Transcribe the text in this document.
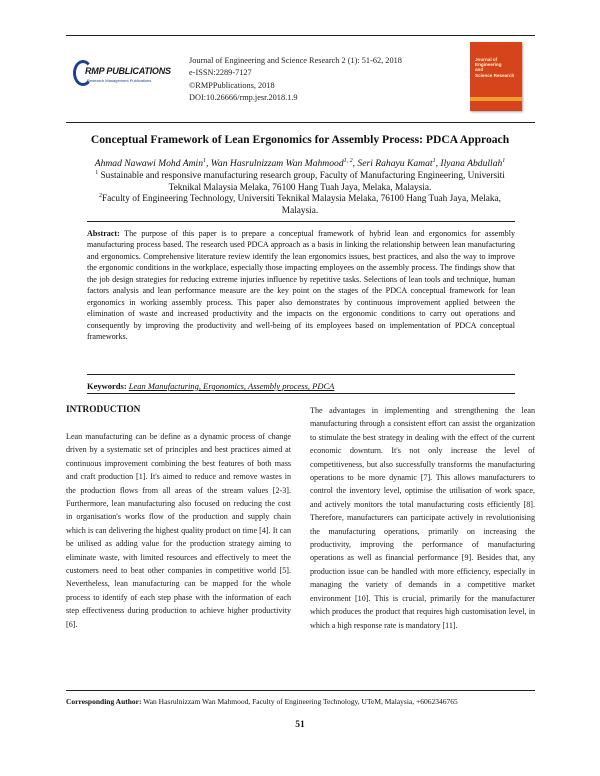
RMP PUBLICATIONS
Research Management Publications
Journal of Engineering and Science Research 2 (1): 51-62, 2018
e-ISSN:2289-7127
©RMPPublications, 2018
DOI:10.26666/rmp.jesr.2018.1.9
Journal of
Engineering
and
Science Research
Conceptual Framework of Lean Ergonomics for Assembly Process: PDCA Approach
Ahmad Nawawi Mohd Amin$^1$, Wan Hasrulnizzam Wan Mahmood$^{1, 2}$, Seri Rahayu Kamat$^1$, Ilyana Abdullah$^1$
$^1$ Sustainable and responsive manufacturing research group, Faculty of Manufacturing Engineering, Universiti Teknikal Malaysia Melaka, 76100 Hang Tuah Jaya, Melaka, Malaysia.
$^2$Faculty of Engineering Technology, Universiti Teknikal Malaysia Melaka, 76100 Hang Tuah Jaya, Melaka, Malaysia.
Abstract: The purpose of this paper is to prepare a conceptual framework of hybrid lean and ergonomics for assembly manufacturing process based. The research used PDCA approach as a basis in linking the relationship between lean manufacturing and ergonomics. Comprehensive literature review identify the lean ergonomics issues, best practices, and also the way to improve the ergonomic conditions in the workplace, especially those impacting employees on the assembly process. The findings show that the job design strategies for reducing extreme injuries influence by repetitive tasks. Selections of lean tools and technique, human factors analysis and lean performance measure are the key point on the stages of the PDCA conceptual framework for lean ergonomics in working assembly process. This paper also demonstrates by continuous improvement applied between the elimination of waste and increased productivity and the impacts on the ergonomic conditions to carry out operations and consequently by improving the productivity and well-being of its employees based on implementation of PDCA conceptual frameworks.
Keywords: Lean Manufacturing, Ergonomics, Assembly process, PDCA
INTRODUCTION
Lean manufacturing can be define as a dynamic process of change driven by a systematic set of principles and best practices aimed at continuous improvement combining the best features of both mass and craft production [1]. It's aimed to reduce and remove wastes in the production flows from all areas of the stream values [2-3]. Furthermore, lean manufacturing also focused on reducing the cost in organisation's works flow of the production and supply chain which is can delivering the highest quality product on time [4]. It can be utilised as adding value for the production strategy aiming to eliminate waste, with limited resources and effectively to meet the customers need to beat other companies in competitive world [5]. Nevertheless, lean manufacturing can be mapped for the whole process to identify of each step phase with the information of each step effectiveness during production to achieve higher productivity [6].
The advantages in implementing and strengthening the lean manufacturing through a consistent effort can assist the organization to stimulate the best strategy in dealing with the effect of the current economic downturn. It's not only increase the level of competitiveness, but also successfully transforms the manufacturing operations to be more dynamic [7]. This allows manufacturers to control the inventory level, optimise the utilisation of work space, and actively monitors the total manufacturing costs efficiently [8]. Therefore, manufacturers can participate actively in revolutionising the manufacturing operations, primarily on increasing the productivity, improving the performance of manufacturing operations as well as financial performance [9]. Besides that, any production issue can be handled with more efficiency, especially in managing the variety of demands in a competitive market environment [10]. This is crucial, primarily for the manufacturer which produces the product that requires high customisation level, in which a high response rate is mandatory [11].
Corresponding Author: Wan Hasrulnizzam Wan Mahmood, Faculty of Engineering Technology, UTeM, Malaysia, +6062346765
51
